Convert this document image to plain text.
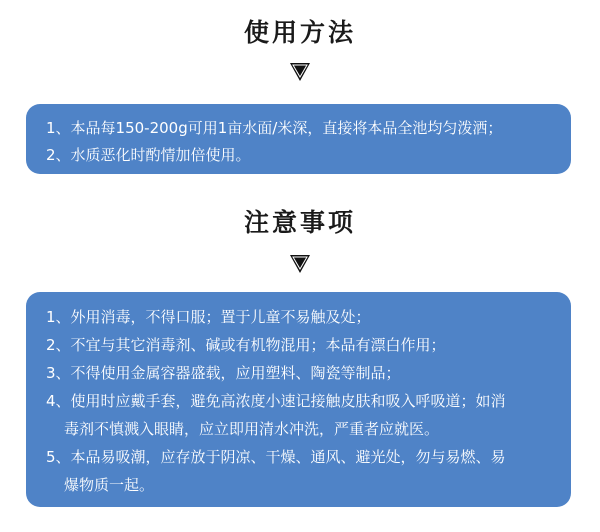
使用方法
1、本品每150-200g可用1亩水面/米深，直接将本品全池均匀泼洒；
2、水质恶化时酌情加倍使用。
注意事项
1、外用消毒，不得口服；置于儿童不易触及处；
2、不宜与其它消毒剂、碱或有机物混用；本品有漂白作用；
3、不得使用金属容器盛载，应用塑料、陶瓷等制品；
4、使用时应戴手套，避免高浓度小速记接触皮肤和吸入呼吸道；如消
毒剂不慎溅入眼睛，应立即用清水冲洗，严重者应就医。
5、本品易吸潮，应存放于阴凉、干燥、通风、避光处，勿与易燃、易
爆物质一起。
